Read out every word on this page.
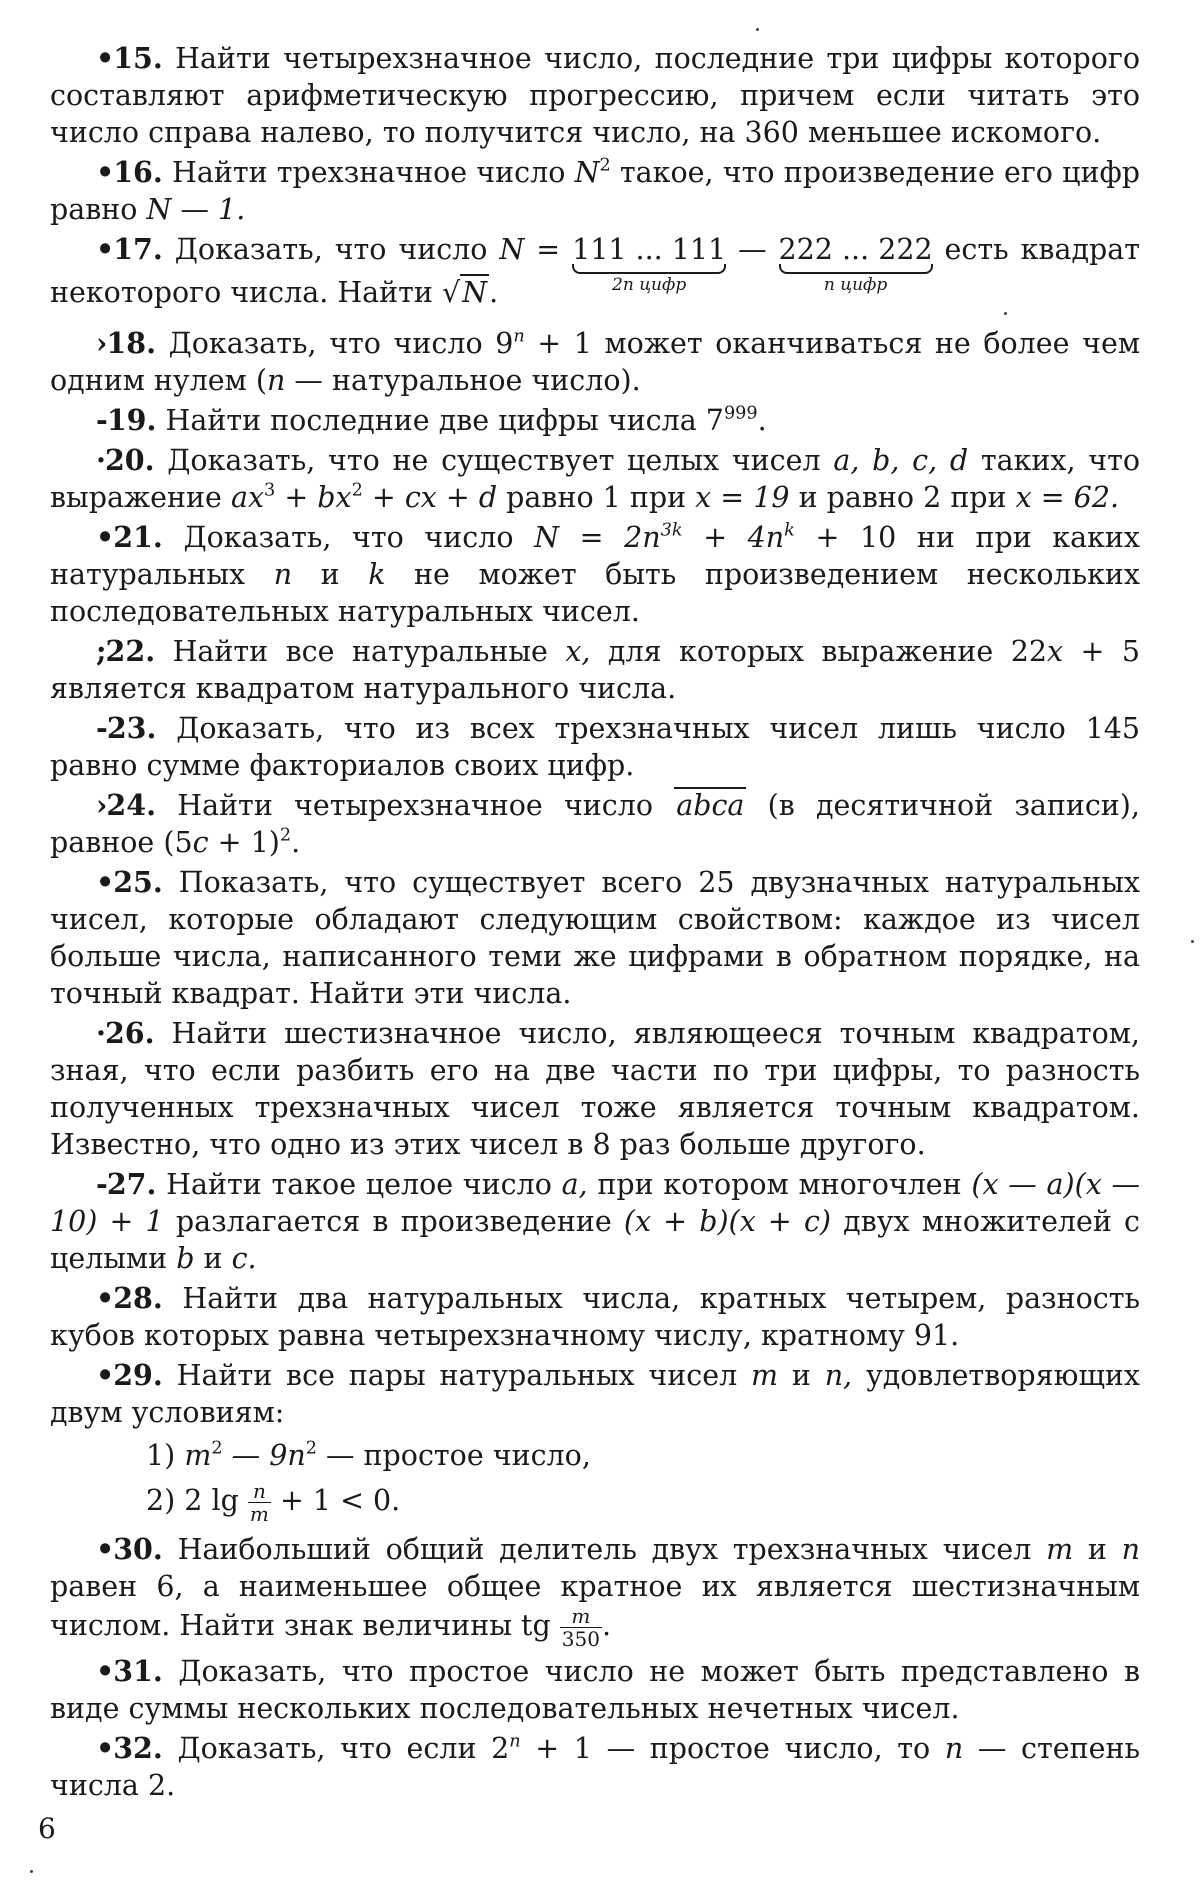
•15. Найти четырехзначное число, последние три цифры которого составляют арифметическую прогрессию, причем если читать это число справа налево, то получится число, на 360 меньшее искомого.

•16. Найти трехзначное число $N^2$ такое, что произведение его цифр равно N — 1.

•17. Доказать, что число N = 111 ... 111
2n цифр
— 222 ... 222
n цифр
есть квадрат некоторого числа. Найти √N.

›18. Доказать, что число $9^n + 1$ может оканчиваться не более чем одним нулем (n — натуральное число).

-19. Найти последние две цифры числа $7^{999}$.

·20. Доказать, что не существует целых чисел a, b, c, d таких, что выражение $ax^3 + bx^2$ + cx + d равно 1 при x = 19 и равно 2 при x = 62.

•21. Доказать, что число $N = 2n^{3k} + 4n^k + 10$ ни при каких натуральных n и k не может быть произведением нескольких последовательных натуральных чисел.

;22. Найти все натуральные x, для которых выражение 22x + 5 является квадратом натурального числа.

-23. Доказать, что из всех трехзначных чисел лишь число 145 равно сумме факториалов своих цифр.

›24. Найти четырехзначное число abca (в десятичной записи), равное $(5c + 1)^2$.

•25. Показать, что существует всего 25 двузначных натуральных чисел, которые обладают следующим свойством: каждое из чисел больше числа, написанного теми же цифрами в обратном порядке, на точный квадрат. Найти эти числа.

·26. Найти шестизначное число, являющееся точным квадратом, зная, что если разбить его на две части по три цифры, то разность полученных трехзначных чисел тоже является точным квадратом. Известно, что одно из этих чисел в 8 раз больше другого.

-27. Найти такое целое число a, при котором многочлен (x — a)(x — 10) + 1 разлагается в произведение (x + b)(x + c) двух множителей с целыми b и c.

•28. Найти два натуральных числа, кратных четырем, разность кубов которых равна четырехзначному числу, кратному 91.

•29. Найти все пары натуральных чисел m и n, удовлетворяющих двум условиям:

1) $m^2$ — $9n^2$ — простое число,

2) 2 $\lg \frac{n}{m} + 1 < 0$.

•30. Наибольший общий делитель двух трехзначных чисел m и n равен 6, а наименьшее общее кратное их является шестизначным числом. Найти знак величины tg $\frac{m}{350}$ .

•31. Доказать, что простое число не может быть представлено в виде суммы нескольких последовательных нечетных чисел.

•32. Доказать, что если $2^n + 1$ — простое число, то n — степень числа 2.

6
